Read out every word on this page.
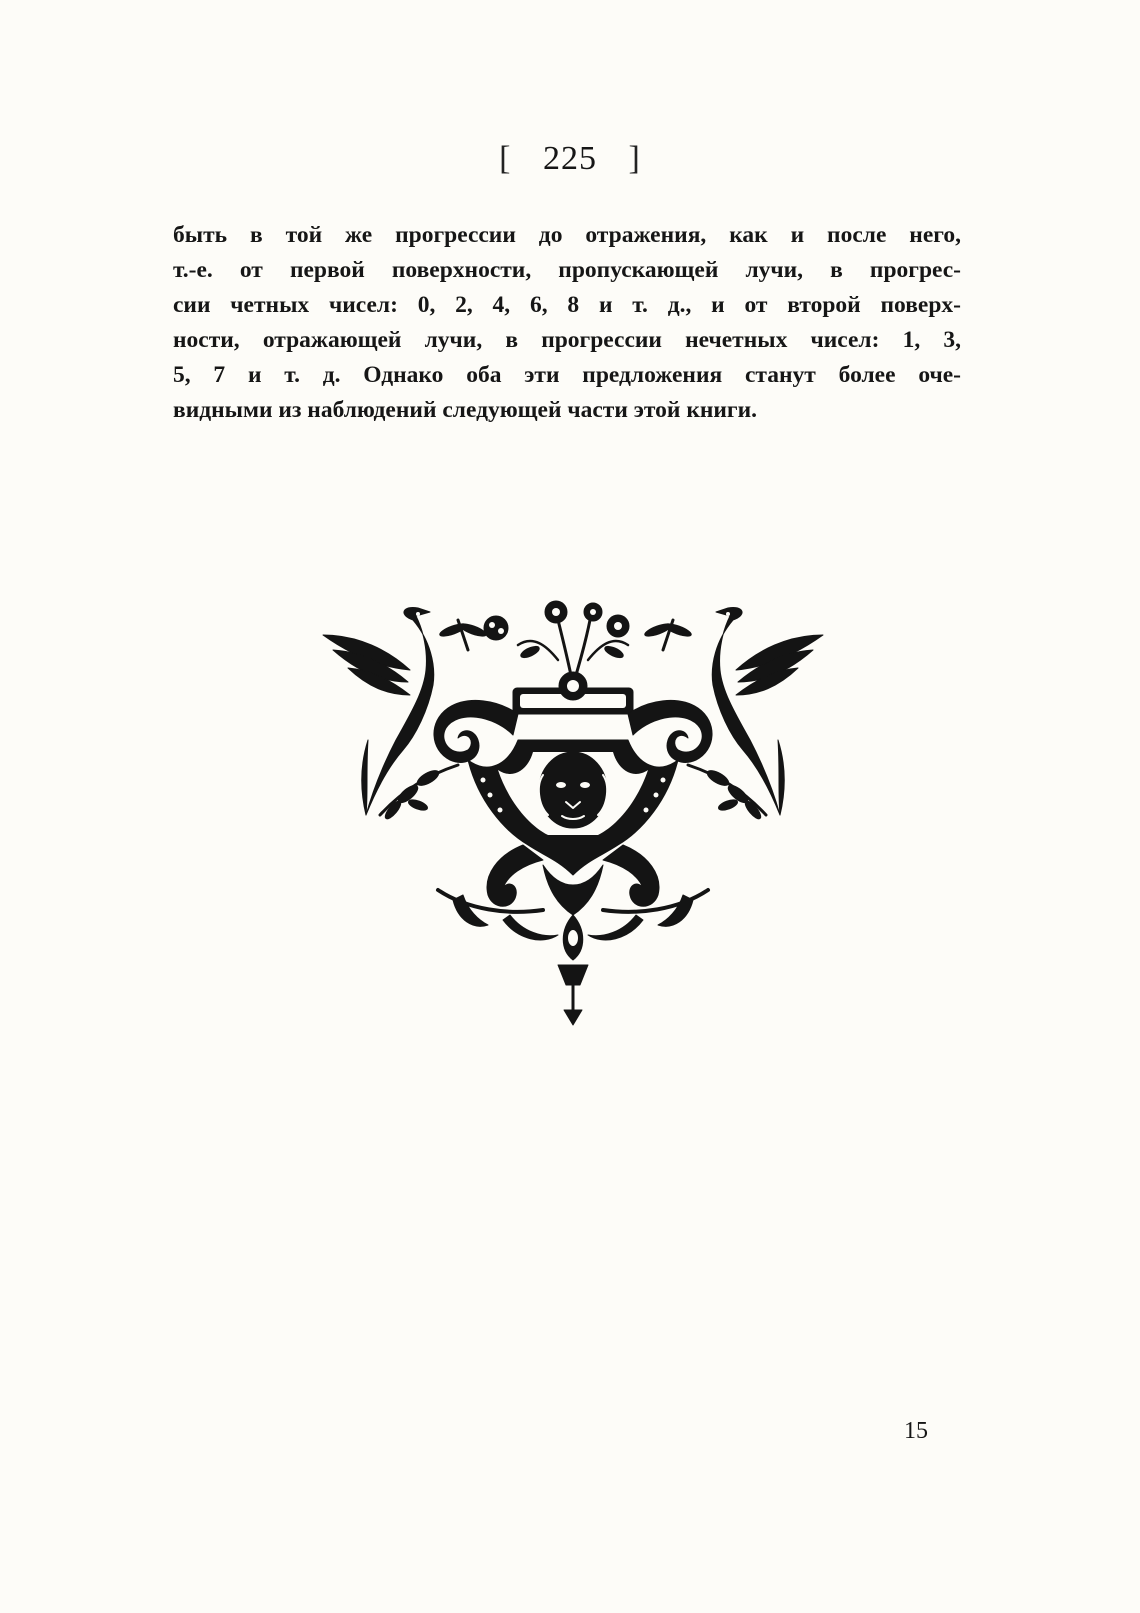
[ 225 ]
быть в той же прогрессии до отражения, как и после него,
т.-е. от первой поверхности, пропускающей лучи, в прогрес-
сии четных чисел: 0, 2, 4, 6, 8 и т. д., и от второй поверх-
ности, отражающей лучи, в прогрессии нечетных чисел: 1, 3,
5, 7 и т. д. Однако оба эти предложения станут более оче-
видными из наблюдений следующей части этой книги.
15
